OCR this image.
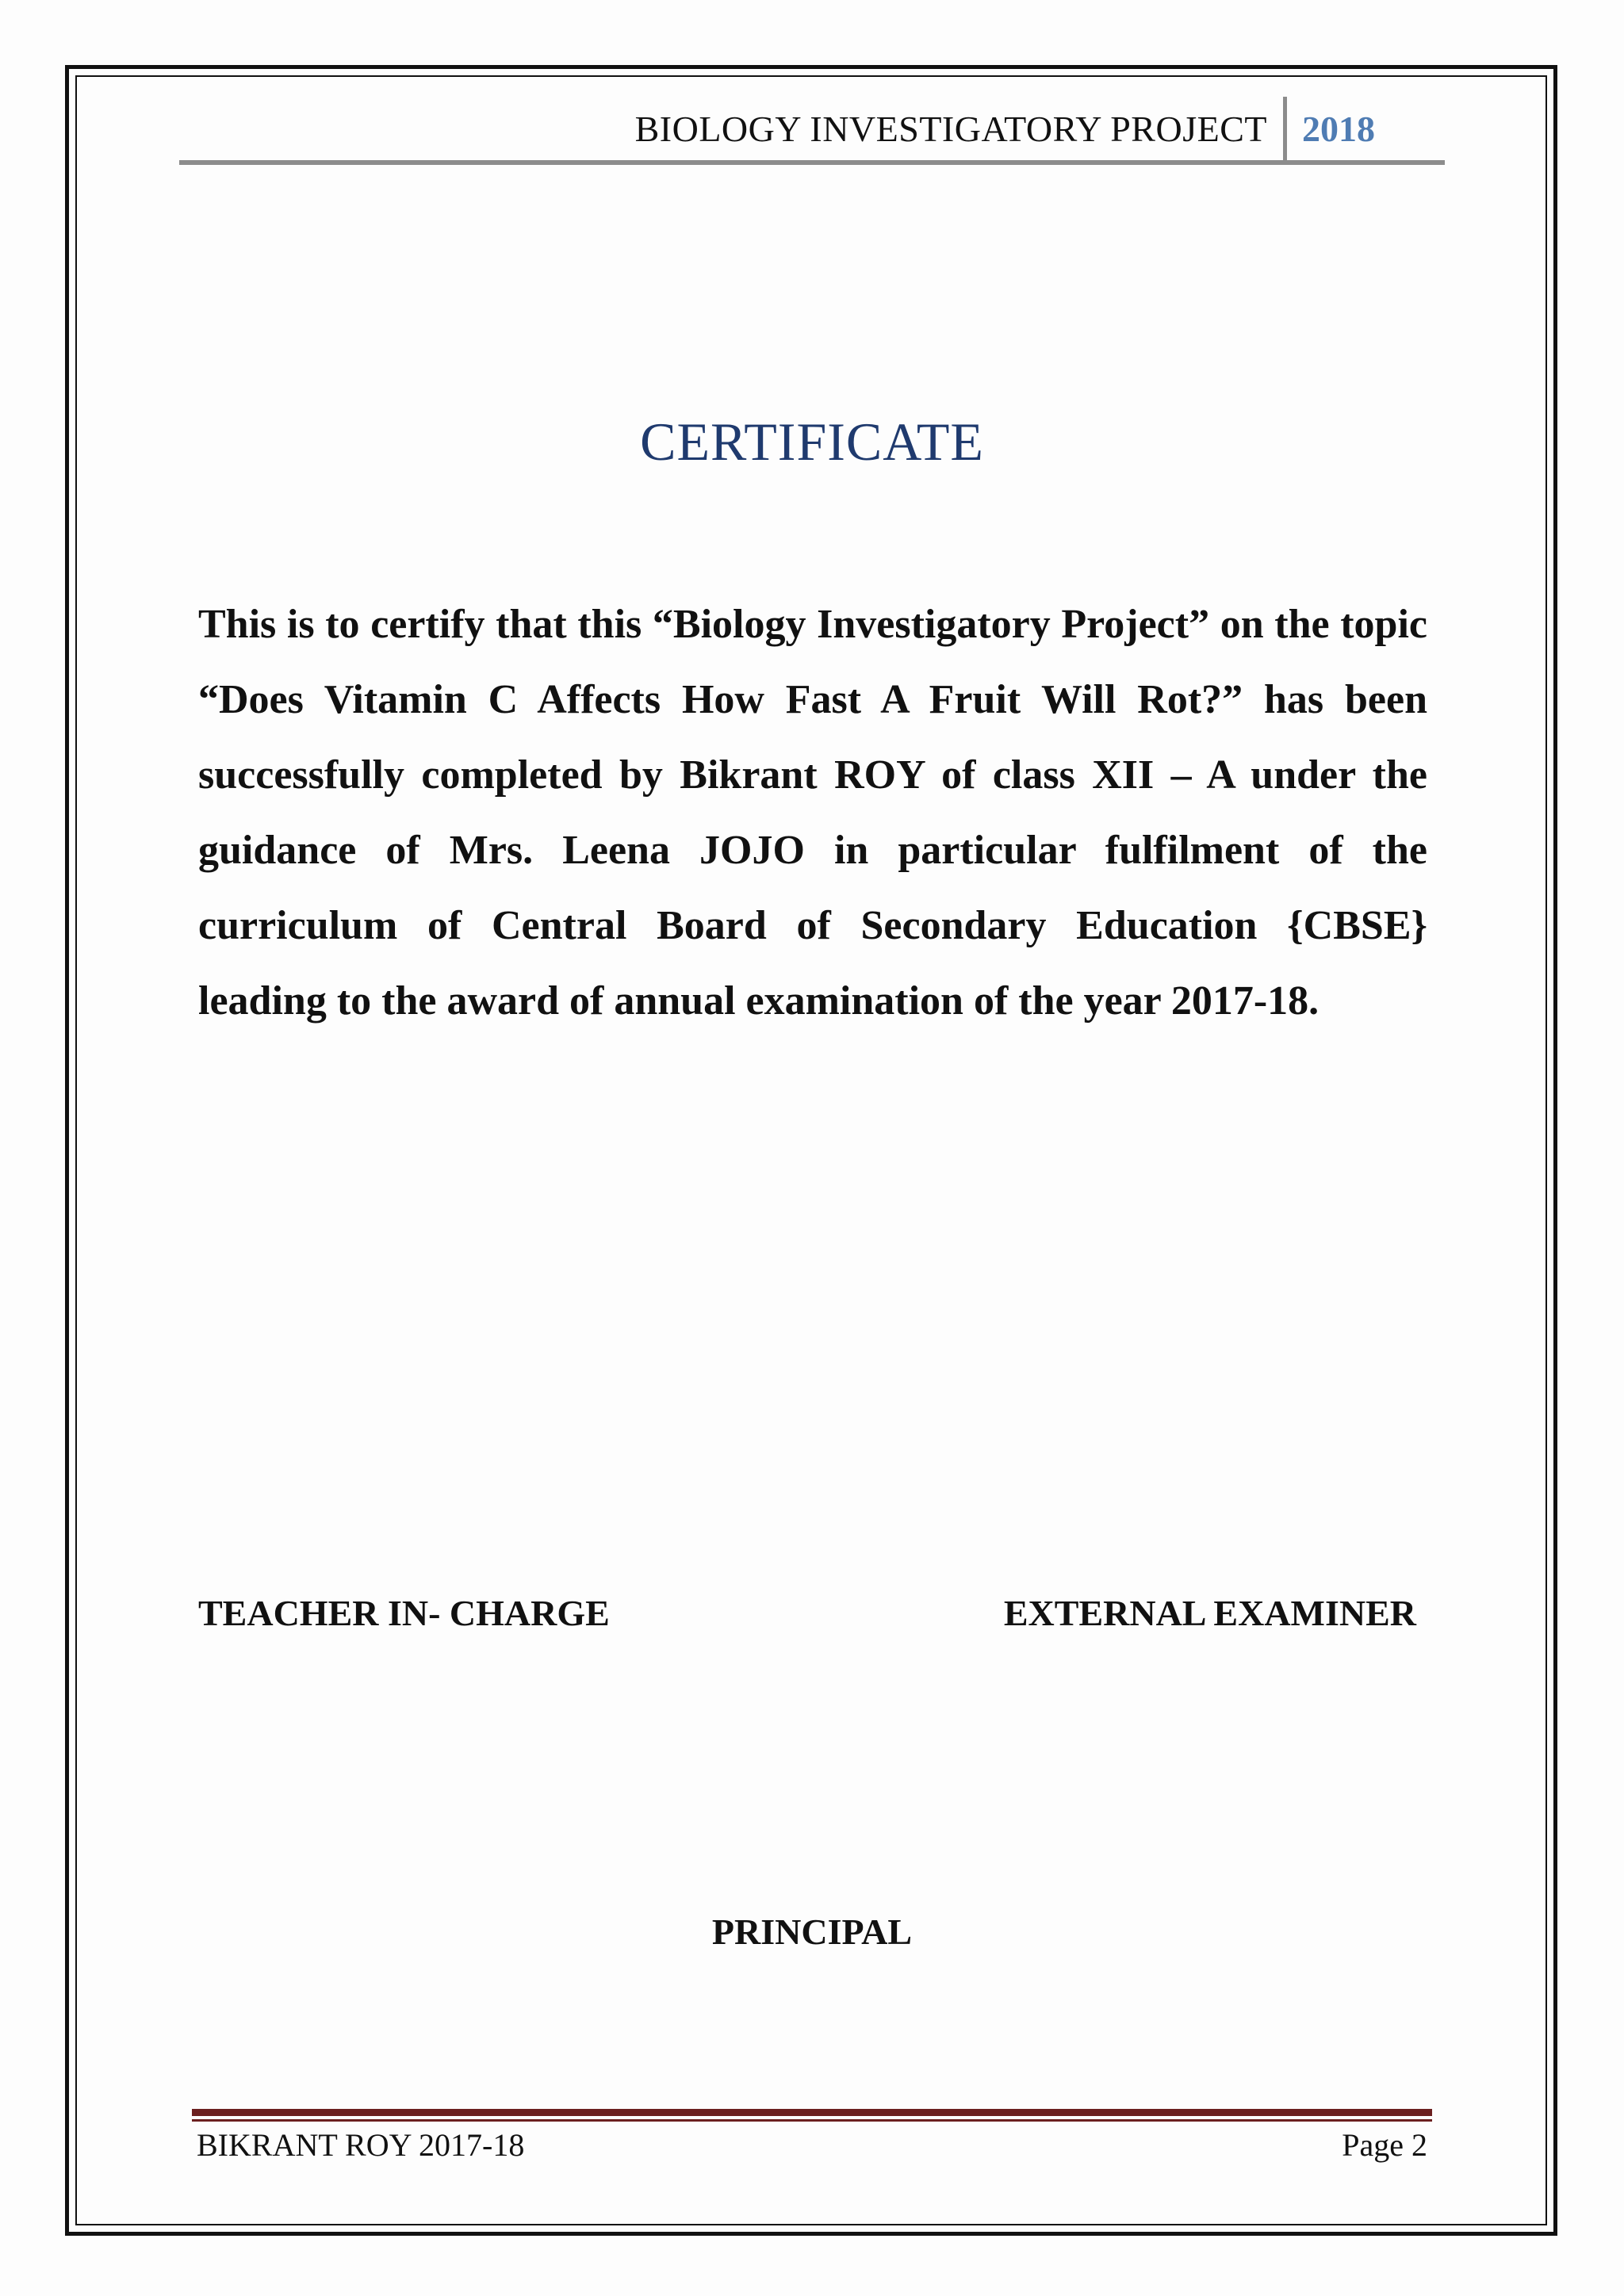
BIOLOGY INVESTIGATORY PROJECT 2018
CERTIFICATE
This is to certify that this “Biology Investigatory Project” on the topic “Does Vitamin C Affects How Fast A Fruit Will Rot?” has been successfully completed by Bikrant ROY of class XII – A under the guidance of Mrs. Leena JOJO in particular fulfilment of the curriculum of Central Board of Secondary Education {CBSE} leading to the award of annual examination of the year 2017-18.
TEACHER IN- CHARGE	EXTERNAL EXAMINER
PRINCIPAL
BIKRANT ROY 2017-18	Page 2
